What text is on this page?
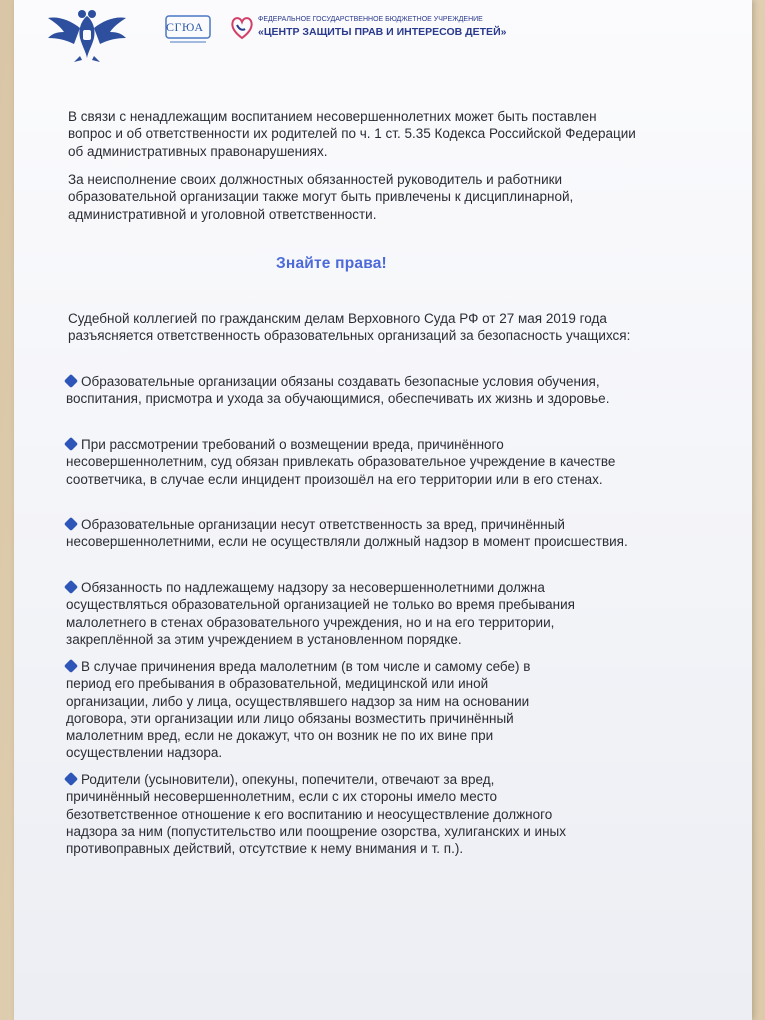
СГЮА
ФЕДЕРАЛЬНОЕ ГОСУДАРСТВЕННОЕ БЮДЖЕТНОЕ УЧРЕЖДЕНИЕ
«ЦЕНТР ЗАЩИТЫ ПРАВ И ИНТЕРЕСОВ ДЕТЕЙ»
В связи с ненадлежащим воспитанием несовершеннолетних может быть поставлен вопрос и об ответственности их родителей по ч. 1 ст. 5.35 Кодекса Российской Федерации об административных правонарушениях.
За неисполнение своих должностных обязанностей руководитель и работники образовательной организации также могут быть привлечены к дисциплинарной, административной и уголовной ответственности.
Знайте права!
Судебной коллегией по гражданским делам Верховного Суда РФ от 27 мая 2019 года разъясняется ответственность образовательных организаций за безопасность учащихся:
Образовательные организации обязаны создавать безопасные условия обучения, воспитания, присмотра и ухода за обучающимися, обеспечивать их жизнь и здоровье.
При рассмотрении требований о возмещении вреда, причинённого несовершеннолетним, суд обязан привлекать образовательное учреждение в качестве соответчика, в случае если инцидент произошёл на его территории или в его стенах.
Образовательные организации несут ответственность за вред, причинённый несовершеннолетними, если не осуществляли должный надзор в момент происшествия.
Обязанность по надлежащему надзору за несовершеннолетними должна осуществляться образовательной организацией не только во время пребывания малолетнего в стенах образовательного учреждения, но и на его территории, закреплённой за этим учреждением в установленном порядке.
В случае причинения вреда малолетним (в том числе и самому себе) в период его пребывания в образовательной, медицинской или иной организации, либо у лица, осуществлявшего надзор за ним на основании договора, эти организации или лицо обязаны возместить причинённый малолетним вред, если не докажут, что он возник не по их вине при осуществлении надзора.
Родители (усыновители), опекуны, попечители, отвечают за вред, причинённый несовершеннолетним, если с их стороны имело место безответственное отношение к его воспитанию и неосуществление должного надзора за ним (попустительство или поощрение озорства, хулиганских и иных противоправных действий, отсутствие к нему внимания и т. п.).
